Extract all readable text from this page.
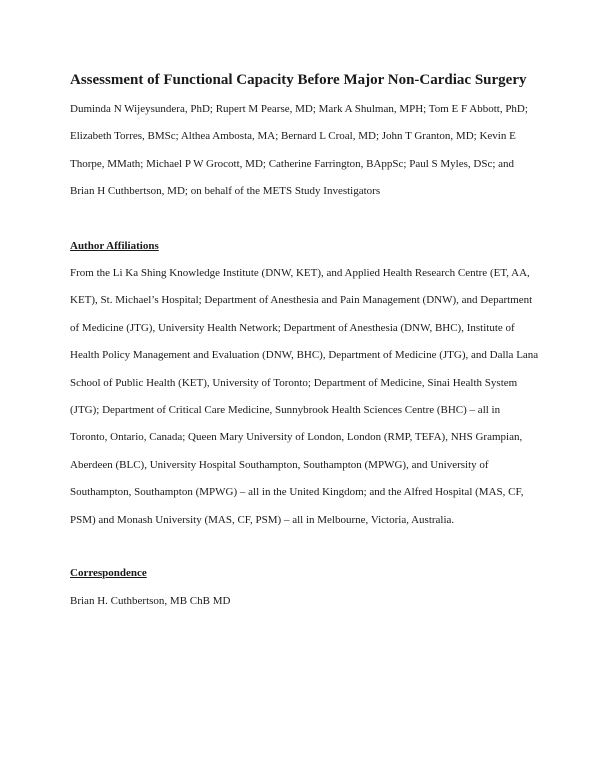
Assessment of Functional Capacity Before Major Non-Cardiac Surgery

Duminda N Wijeysundera, PhD; Rupert M Pearse, MD; Mark A Shulman, MPH; Tom E F Abbott, PhD; Elizabeth Torres, BMSc; Althea Ambosta, MA; Bernard L Croal, MD; John T Granton, MD; Kevin E Thorpe, MMath; Michael P W Grocott, MD; Catherine Farrington, BAppSc; Paul S Myles, DSc; and Brian H Cuthbertson, MD; on behalf of the METS Study Investigators

Author Affiliations

From the Li Ka Shing Knowledge Institute (DNW, KET), and Applied Health Research Centre (ET, AA, KET), St. Michael’s Hospital; Department of Anesthesia and Pain Management (DNW), and Department of Medicine (JTG), University Health Network; Department of Anesthesia (DNW, BHC), Institute of Health Policy Management and Evaluation (DNW, BHC), Department of Medicine (JTG), and Dalla Lana School of Public Health (KET), University of Toronto; Department of Medicine, Sinai Health System (JTG); Department of Critical Care Medicine, Sunnybrook Health Sciences Centre (BHC) – all in Toronto, Ontario, Canada; Queen Mary University of London, London (RMP, TEFA), NHS Grampian, Aberdeen (BLC), University Hospital Southampton, Southampton (MPWG), and University of Southampton, Southampton (MPWG) – all in the United Kingdom; and the Alfred Hospital (MAS, CF, PSM) and Monash University (MAS, CF, PSM) – all in Melbourne, Victoria, Australia.

Correspondence

Brian H. Cuthbertson, MB ChB MD
